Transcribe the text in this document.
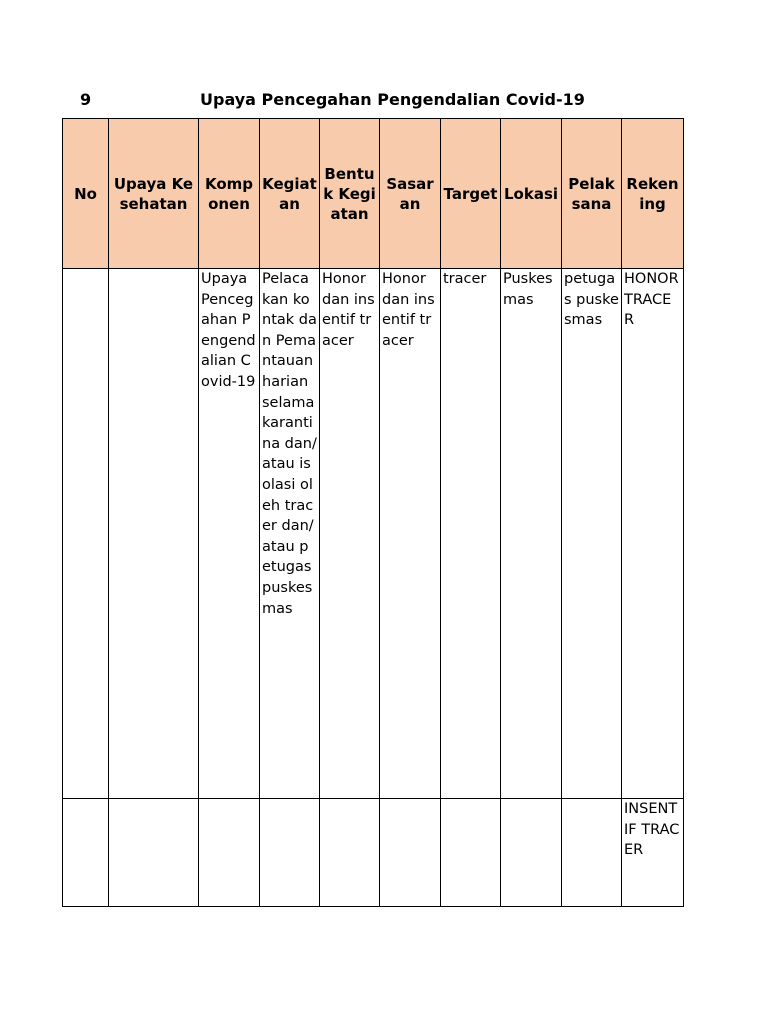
9	Upaya Pencegahan Pengendalian Covid-19
No	Upaya Kesehatan	Komponen	Kegiatan	Bentuk Kegiatan	Sasaran	Target	Lokasi	Pelaksana	Rekening
		Upaya Pencegahan Pengendalian Covid-19	Pelacakan kontak dan Pemantauan harian selama karantina dan/atau isolasi oleh tracer dan/atau petugas puskesmas	Honor dan insentif tracer	Honor dan insentif tracer	tracer	Puskesmas	petugas puskesmas	HONOR TRACER
									INSENTIF TRACER
